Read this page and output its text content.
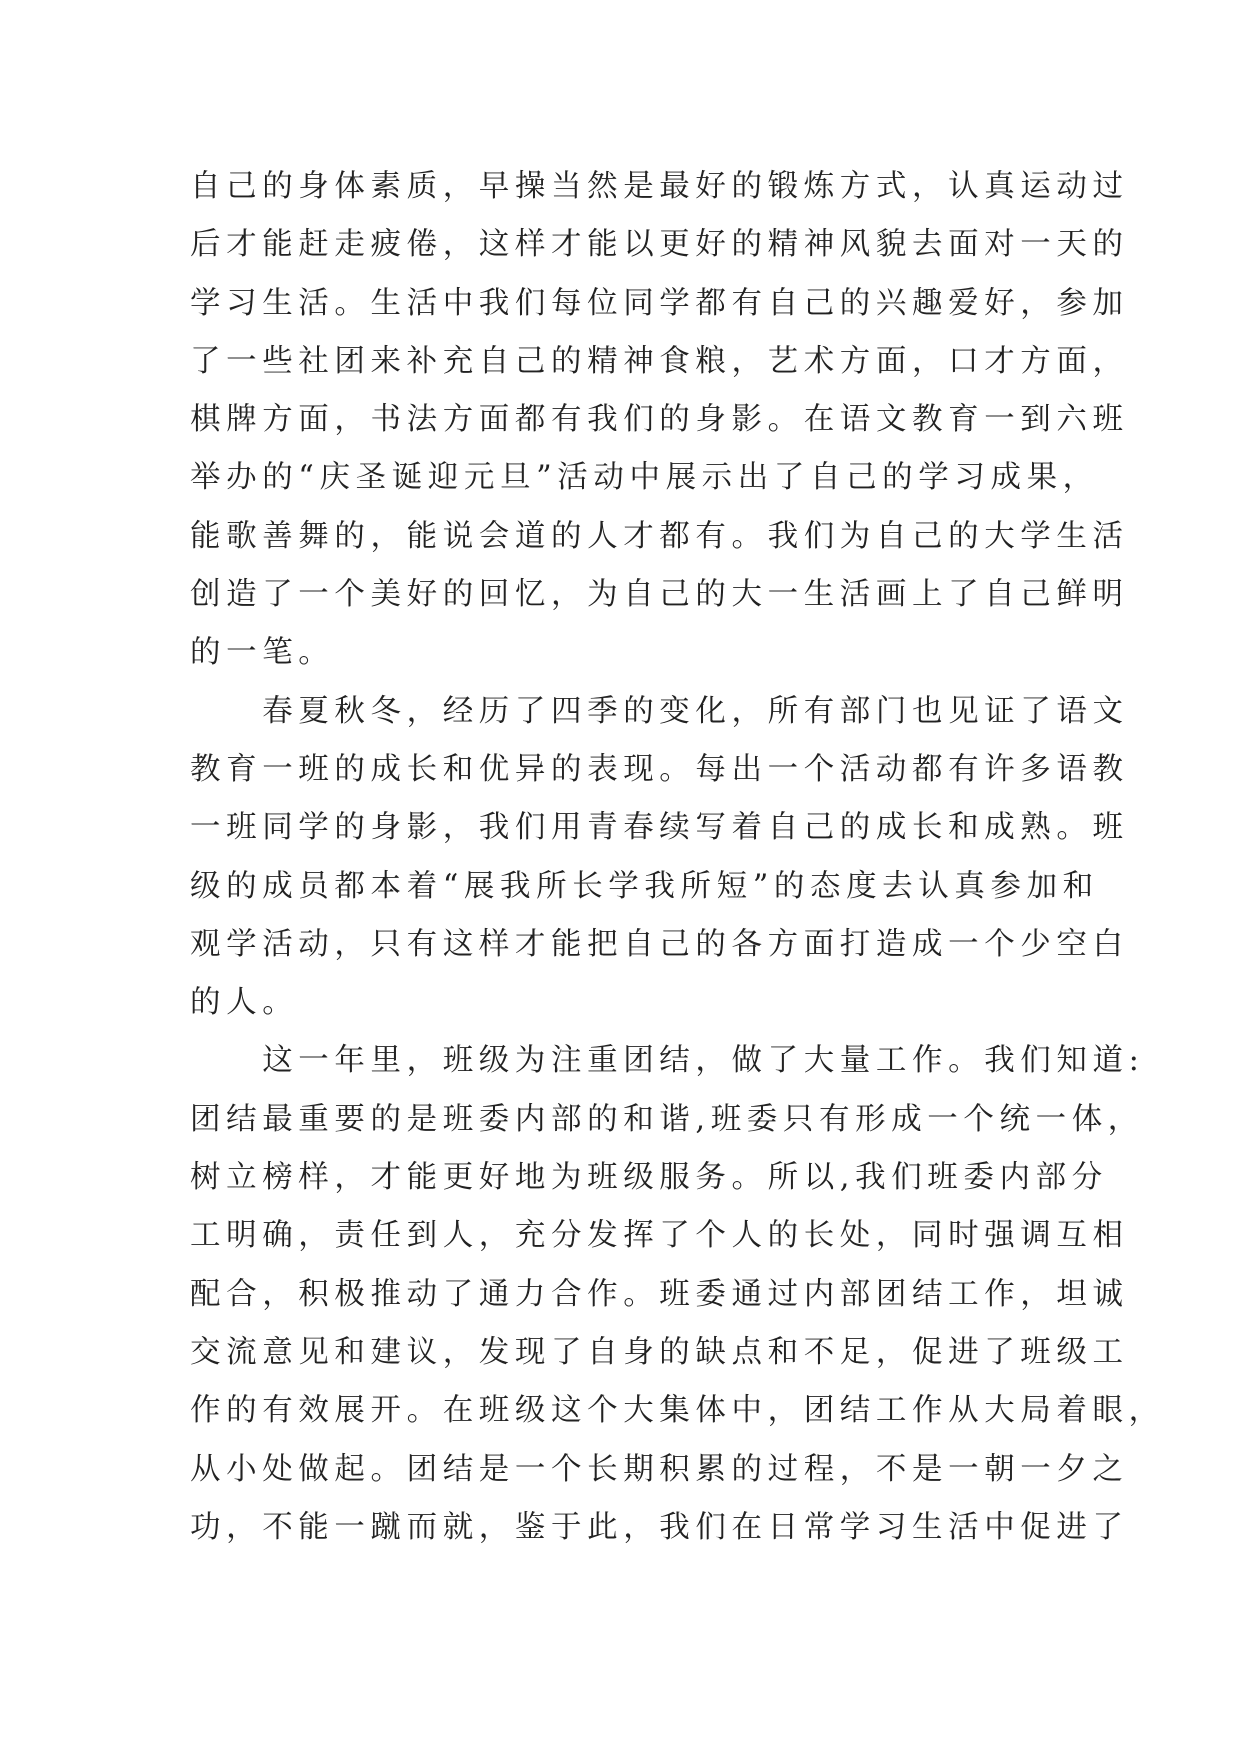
自己的身体素质，早操当然是最好的锻炼方式，认真运动过
后才能赶走疲倦，这样才能以更好的精神风貌去面对一天的
学习生活。生活中我们每位同学都有自己的兴趣爱好，参加
了一些社团来补充自己的精神食粮，艺术方面，口才方面，
棋牌方面，书法方面都有我们的身影。在语文教育一到六班
举办的“庆圣诞迎元旦”活动中展示出了自己的学习成果，
能歌善舞的，能说会道的人才都有。我们为自己的大学生活
创造了一个美好的回忆，为自己的大一生活画上了自己鲜明
的一笔。
　　春夏秋冬，经历了四季的变化，所有部门也见证了语文
教育一班的成长和优异的表现。每出一个活动都有许多语教
一班同学的身影，我们用青春续写着自己的成长和成熟。班
级的成员都本着“展我所长学我所短”的态度去认真参加和
观学活动，只有这样才能把自己的各方面打造成一个少空白
的人。
　　这一年里，班级为注重团结，做了大量工作。我们知道:
团结最重要的是班委内部的和谐,班委只有形成一个统一体，
树立榜样，才能更好地为班级服务。所以,我们班委内部分
工明确，责任到人，充分发挥了个人的长处，同时强调互相
配合，积极推动了通力合作。班委通过内部团结工作，坦诚
交流意见和建议，发现了自身的缺点和不足，促进了班级工
作的有效展开。在班级这个大集体中，团结工作从大局着眼，
从小处做起。团结是一个长期积累的过程，不是一朝一夕之
功，不能一蹴而就，鉴于此，我们在日常学习生活中促进了
